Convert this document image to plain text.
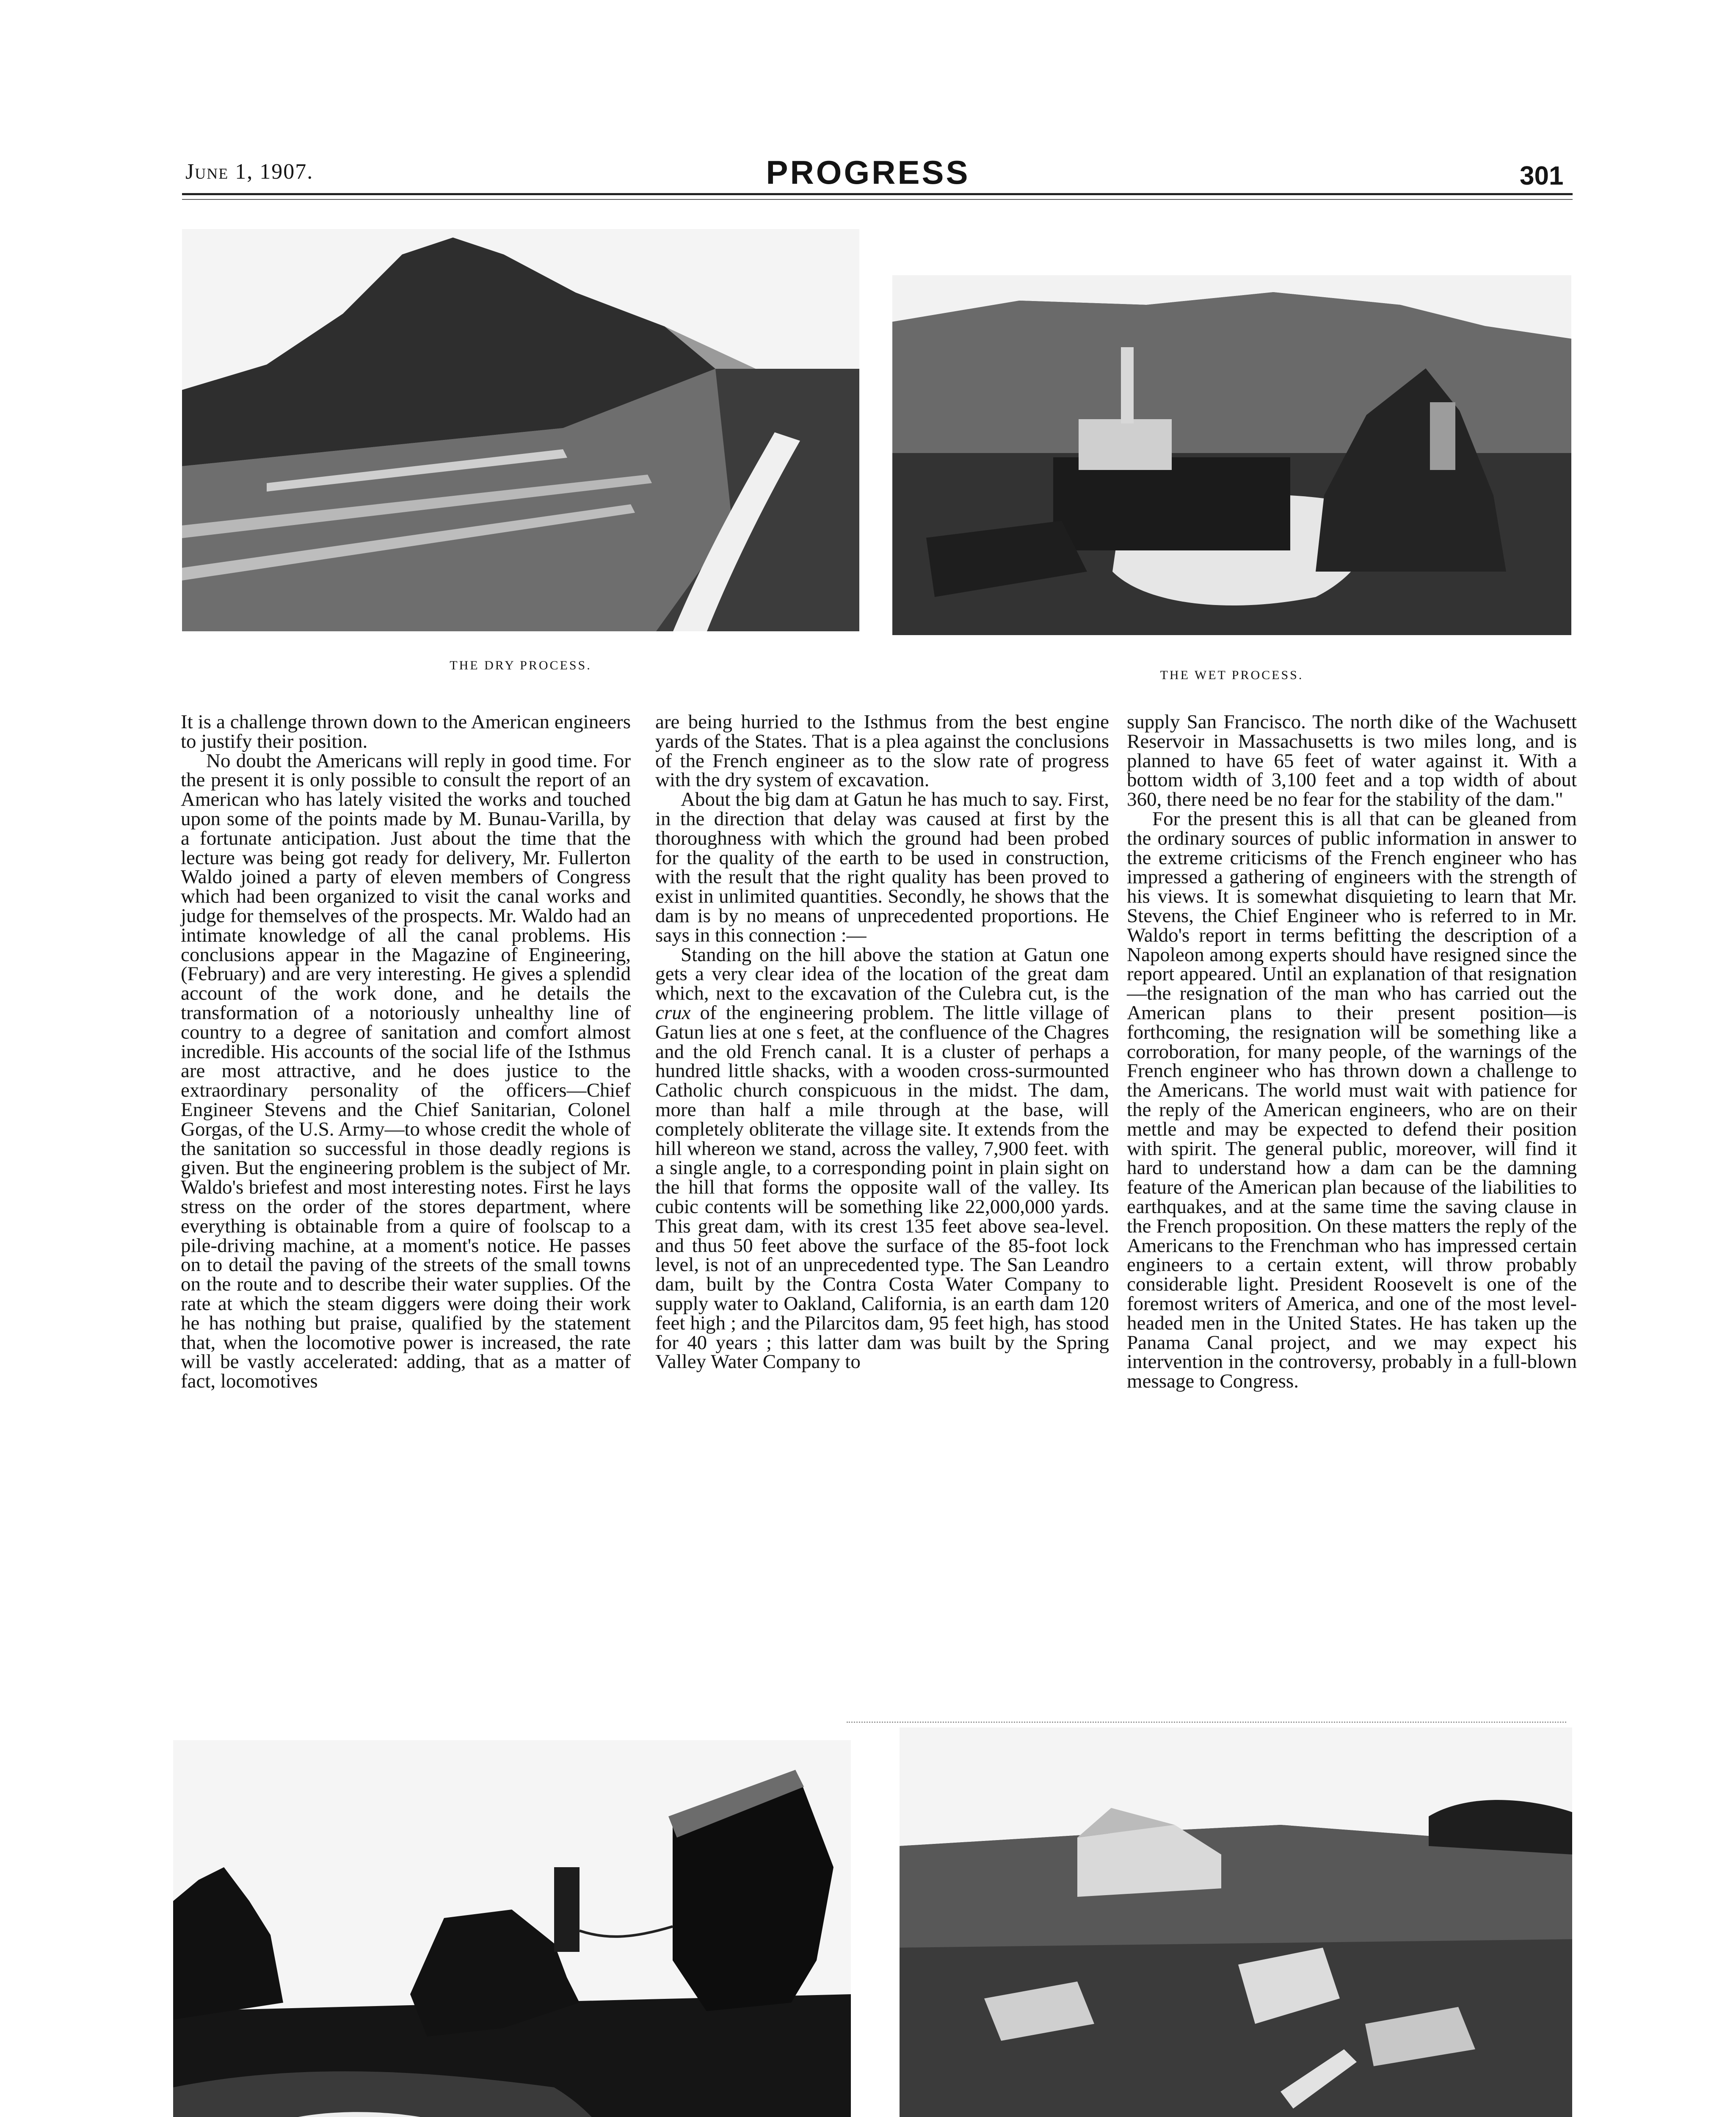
June 1, 1907.	PROGRESS	301
THE DRY PROCESS.
THE WET PROCESS.

It is a challenge thrown down to the American engineers to justify their position.

No doubt the Americans will reply in good time. For the present it is only possible to consult the report of an American who has lately visited the works and touched upon some of the points made by M. Bunau-Varilla, by a fortunate anticipation. Just about the time that the lecture was being got ready for delivery, Mr. Fullerton Waldo joined a party of eleven members of Congress which had been organized to visit the canal works and judge for themselves of the prospects. Mr. Waldo had an intimate knowledge of all the canal problems. His conclusions appear in the Magazine of Engineering, (February) and are very interesting. He gives a splendid account of the work done, and he details the transformation of a notoriously unhealthy line of country to a degree of sanitation and comfort almost incredible. His accounts of the social life of the Isthmus are most attractive, and he does justice to the extraordinary personality of the officers—Chief Engineer Stevens and the Chief Sanitarian, Colonel Gorgas, of the U.S. Army—to whose credit the whole of the sanitation so successful in those deadly regions is given. But the engineering problem is the subject of Mr. Waldo's briefest and most interesting notes. First he lays stress on the order of the stores department, where everything is obtainable from a quire of foolscap to a pile-driving machine, at a moment's notice. He passes on to detail the paving of the streets of the small towns on the route and to describe their water supplies. Of the rate at which the steam diggers were doing their work he has nothing but praise, qualified by the statement that, when the locomotive power is increased, the rate will be vastly accelerated: adding, that as a matter of fact, locomotives

are being hurried to the Isthmus from the best engine yards of the States. That is a plea against the conclusions of the French engineer as to the slow rate of progress with the dry system of excavation.

About the big dam at Gatun he has much to say. First, in the direction that delay was caused at first by the thoroughness with which the ground had been probed for the quality of the earth to be used in construction, with the result that the right quality has been proved to exist in unlimited quantities. Secondly, he shows that the dam is by no means of unprecedented proportions. He says in this connection :—

Standing on the hill above the station at Gatun one gets a very clear idea of the location of the great dam which, next to the excavation of the Culebra cut, is the crux of the engineering problem. The little village of Gatun lies at one s feet, at the confluence of the Chagres and the old French canal. It is a cluster of perhaps a hundred little shacks, with a wooden cross-surmounted Catholic church conspicuous in the midst. The dam, more than half a mile through at the base, will completely obliterate the village site. It extends from the hill whereon we stand, across the valley, 7,900 feet. with a single angle, to a corresponding point in plain sight on the hill that forms the opposite wall of the valley. Its cubic contents will be something like 22,000,000 yards. This great dam, with its crest 135 feet above sea-level. and thus 50 feet above the surface of the 85-foot lock level, is not of an unprecedented type. The San Leandro dam, built by the Contra Costa Water Company to supply water to Oakland, California, is an earth dam 120 feet high ; and the Pilarcitos dam, 95 feet high, has stood for 40 years ; this latter dam was built by the Spring Valley Water Company to

supply San Francisco. The north dike of the Wachusett Reservoir in Massachusetts is two miles long, and is planned to have 65 feet of water against it. With a bottom width of 3,100 feet and a top width of about 360, there need be no fear for the stability of the dam."

For the present this is all that can be gleaned from the ordinary sources of public information in answer to the extreme criticisms of the French engineer who has impressed a gathering of engineers with the strength of his views. It is somewhat disquieting to learn that Mr. Stevens, the Chief Engineer who is referred to in Mr. Waldo's report in terms befitting the description of a Napoleon among experts should have resigned since the report appeared. Until an explanation of that resignation—the resignation of the man who has carried out the American plans to their present position—is forthcoming, the resignation will be something like a corroboration, for many people, of the warnings of the French engineer who has thrown down a challenge to the Americans. The world must wait with patience for the reply of the American engineers, who are on their mettle and may be expected to defend their position with spirit. The general public, moreover, will find it hard to understand how a dam can be the damning feature of the American plan because of the liabilities to earthquakes, and at the same time the saving clause in the French proposition. On these matters the reply of the Americans to the Frenchman who has impressed certain engineers to a certain extent, will throw probably considerable light. President Roosevelt is one of the foremost writers of America, and one of the most level-headed men in the United States. He has taken up the Panama Canal project, and we may expect his intervention in the controversy, probably in a full-blown message to Congress.
